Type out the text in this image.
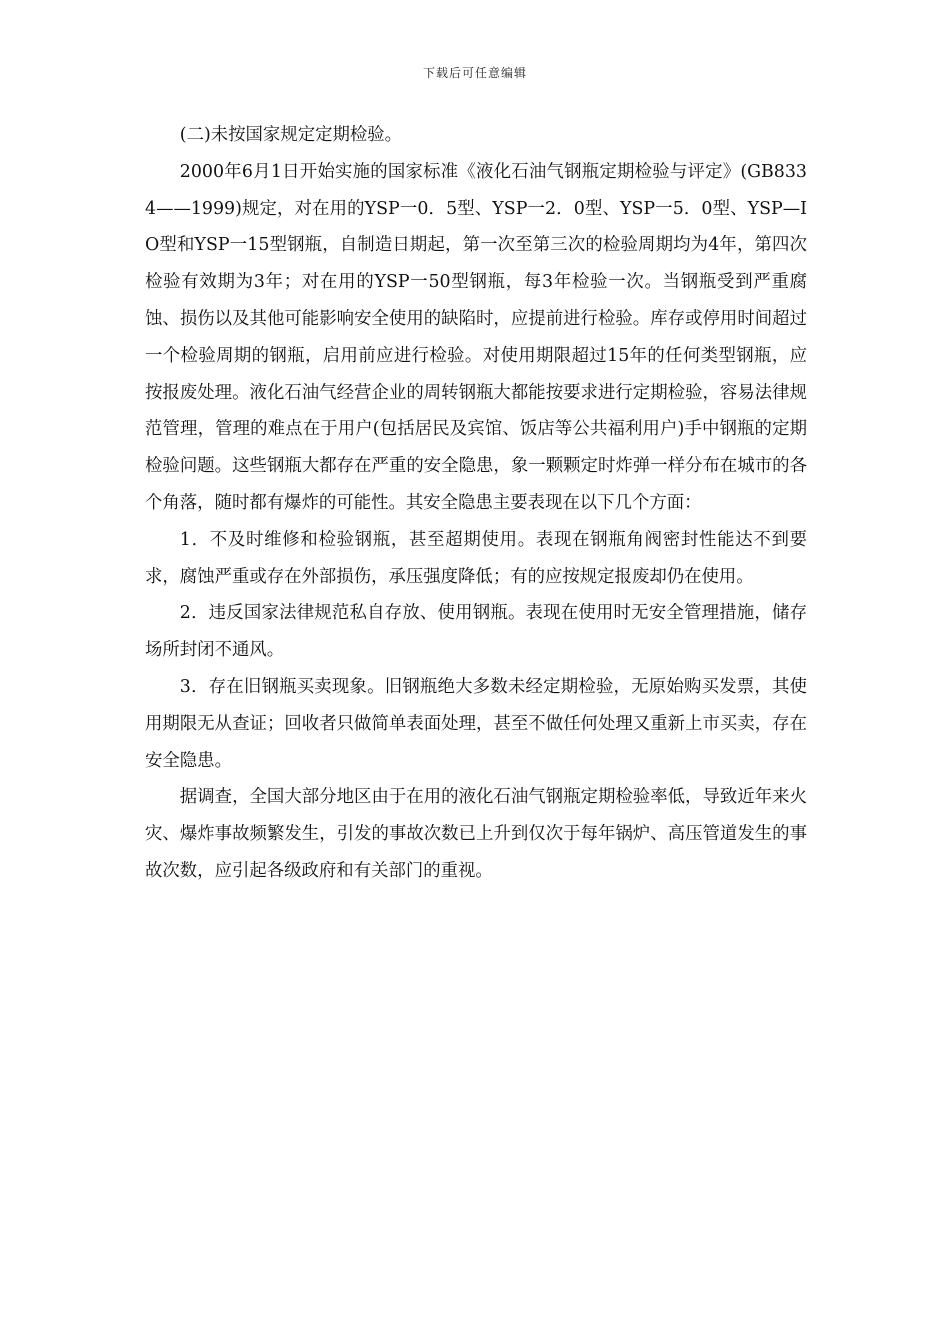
下载后可任意编辑

(二)未按国家规定定期检验。

2000年6月1日开始实施的国家标准《液化石油气钢瓶定期检验与评定》(GB8334——1999)规定，对在用的YSP一0．5型、YSP一2．0型、YSP一5．0型、YSP—IO型和YSP一15型钢瓶，自制造日期起，第一次至第三次的检验周期均为4年，第四次检验有效期为3年；对在用的YSP一50型钢瓶，每3年检验一次。当钢瓶受到严重腐蚀、损伤以及其他可能影响安全使用的缺陷时，应提前进行检验。库存或停用时间超过一个检验周期的钢瓶，启用前应进行检验。对使用期限超过15年的任何类型钢瓶，应按报废处理。液化石油气经营企业的周转钢瓶大都能按要求进行定期检验，容易法律规范管理，管理的难点在于用户(包括居民及宾馆、饭店等公共福利用户)手中钢瓶的定期检验问题。这些钢瓶大都存在严重的安全隐患，象一颗颗定时炸弹一样分布在城市的各个角落，随时都有爆炸的可能性。其安全隐患主要表现在以下几个方面：

1．不及时维修和检验钢瓶，甚至超期使用。表现在钢瓶角阀密封性能达不到要求，腐蚀严重或存在外部损伤，承压强度降低；有的应按规定报废却仍在使用。

2．违反国家法律规范私自存放、使用钢瓶。表现在使用时无安全管理措施，储存场所封闭不通风。

3．存在旧钢瓶买卖现象。旧钢瓶绝大多数未经定期检验，无原始购买发票，其使用期限无从查证；回收者只做简单表面处理，甚至不做任何处理又重新上市买卖，存在安全隐患。

据调查，全国大部分地区由于在用的液化石油气钢瓶定期检验率低，导致近年来火灾、爆炸事故频繁发生，引发的事故次数已上升到仅次于每年锅炉、高压管道发生的事故次数，应引起各级政府和有关部门的重视。
